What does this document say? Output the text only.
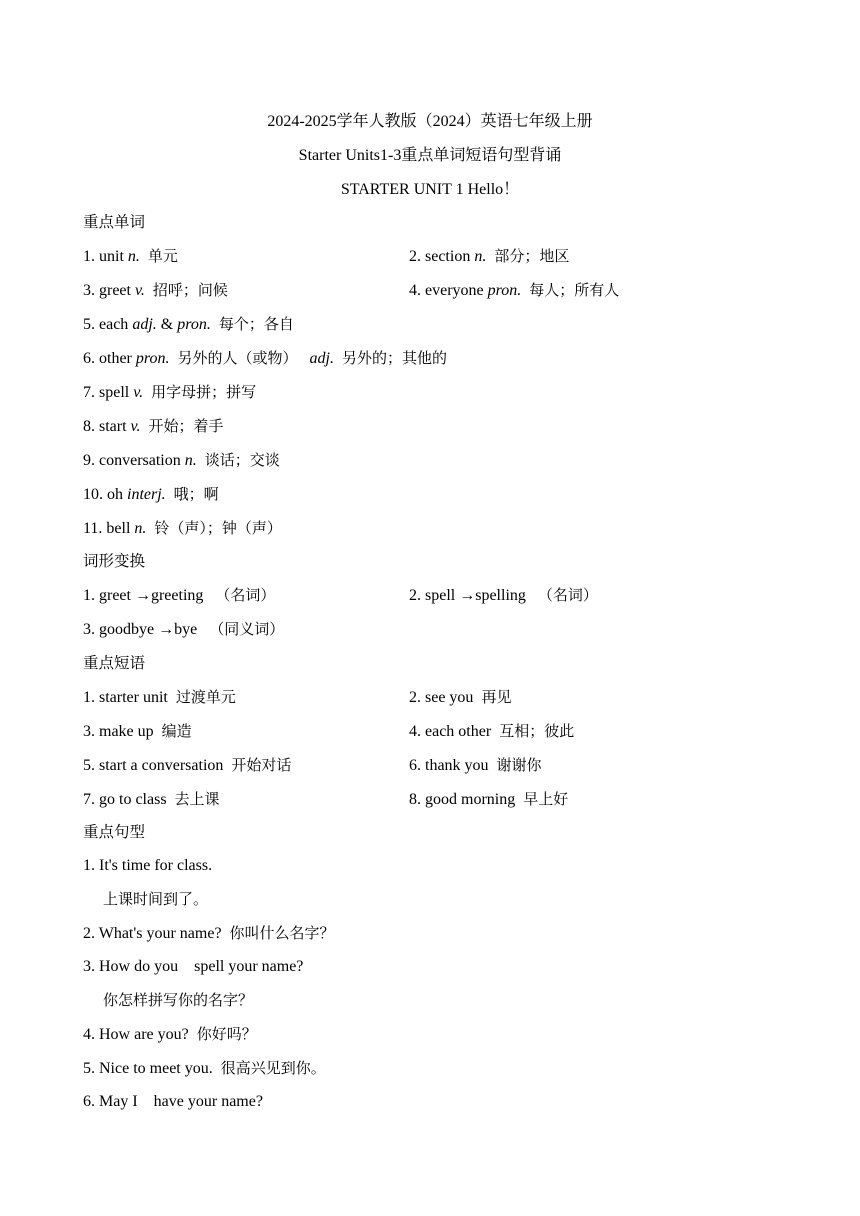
2024-2025学年人教版（2024）英语七年级上册
Starter Units1-3重点单词短语句型背诵
STARTER UNIT 1 Hello！
重点单词
1. unit n. 单元	2. section n. 部分；地区
3. greet v. 招呼；问候	4. everyone pron. 每人；所有人
5. each adj. & pron. 每个；各自
6. other pron. 另外的人（或物） adj. 另外的；其他的
7. spell v. 用字母拼；拼写
8. start v. 开始；着手
9. conversation n. 谈话；交谈
10. oh interj. 哦；啊
11. bell n. 铃（声）；钟（声）
词形变换
1. greet →greeting （名词）	2. spell →spelling （名词）
3. goodbye →bye （同义词）
重点短语
1. starter unit 过渡单元	2. see you 再见
3. make up 编造	4. each other 互相；彼此
5. start a conversation 开始对话	6. thank you 谢谢你
7. go to class 去上课	8. good morning 早上好
重点句型
1. It's time for class.
上课时间到了。
2. What's your name? 你叫什么名字？
3. How do you　spell your name?
你怎样拼写你的名字？
4. How are you? 你好吗？
5. Nice to meet you. 很高兴见到你。
6. May I　have your name?
